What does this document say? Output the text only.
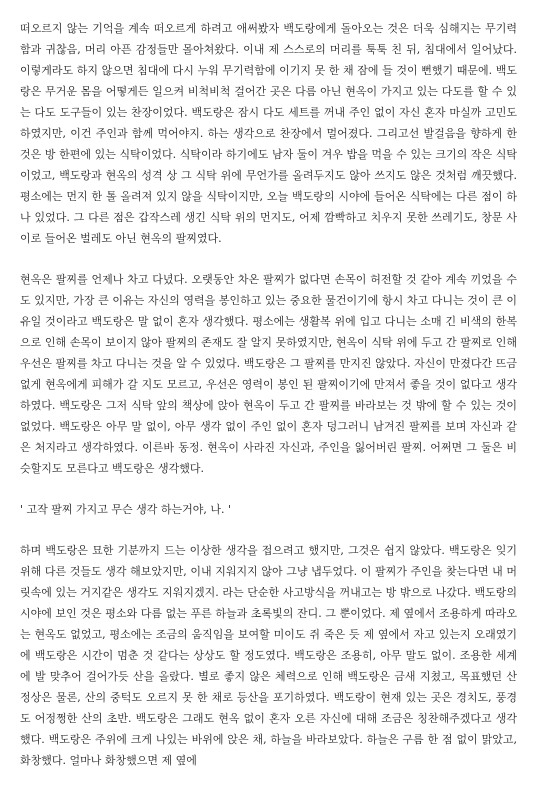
떠오르지 않는 기억을 계속 떠오르게 하려고 애써봤자 백도랑에게 돌아오는 것은 더욱 심해지는 무기력함과 귀찮음, 머리 아픈 감정들만 몰아쳐왔다. 이내 제 스스로의 머리를 툭툭 친 뒤, 침대에서 일어났다. 이렇게라도 하지 않으면 침대에 다시 누워 무기력함에 이기지 못 한 채 잠에 들 것이 뻔했기 때문에. 백도랑은 무거운 몸을 어떻게든 일으켜 비척비척 걸어간 곳은 다름 아닌 현옥이 가지고 있는 다도를 할 수 있는 다도 도구들이 있는 찬장이었다. 백도랑은 잠시 다도 세트를 꺼내 주인 없이 자신 혼자 마실까 고민도 하였지만, 이건 주인과 함께 먹어야지. 하는 생각으로 찬장에서 멀어졌다. 그리고선 발걸음을 향하게 한 것은 방 한편에 있는 식탁이었다. 식탁이라 하기에도 남자 둘이 겨우 밥을 먹을 수 있는 크기의 작은 식탁이었고, 백도랑과 현옥의 성격 상 그 식탁 위에 무언가를 올려두지도 않아 쓰지도 않은 것처럼 깨끗했다. 평소에는 먼지 한 톨 올려져 있지 않을 식탁이지만, 오늘 백도랑의 시야에 들어온 식탁에는 다른 점이 하나 있었다. 그 다른 점은 갑작스레 생긴 식탁 위의 먼지도, 어제 깜빡하고 치우지 못한 쓰레기도, 창문 사이로 들어온 벌레도 아닌 현옥의 팔찌였다.

현옥은 팔찌를 언제나 차고 다녔다. 오랫동안 차온 팔찌가 없다면 손목이 허전할 것 같아 계속 끼었을 수도 있지만, 가장 큰 이유는 자신의 영력을 봉인하고 있는 중요한 물건이기에 항시 차고 다니는 것이 큰 이유일 것이라고 백도랑은 말 없이 혼자 생각했다. 평소에는 생활복 위에 입고 다니는 소매 긴 비색의 한복으로 인해 손목이 보이지 않아 팔찌의 존재도 잘 알지 못하였지만, 현옥이 식탁 위에 두고 간 팔찌로 인해 우선은 팔찌를 차고 다니는 것을 알 수 있었다. 백도랑은 그 팔찌를 만지진 않았다. 자신이 만졌다간 뜨금없게 현옥에게 피해가 갈 지도 모르고, 우선은 영력이 봉인 된 팔찌이기에 만져서 좋을 것이 없다고 생각하였다. 백도랑은 그저 식탁 앞의 책상에 앉아 현옥이 두고 간 팔찌를 바라보는 것 밖에 할 수 있는 것이 없었다. 백도랑은 아무 말 없이, 아무 생각 없이 주인 없이 혼자 덩그러니 남겨진 팔찌를 보며 자신과 같은 처지라고 생각하였다. 이른바 동정. 현옥이 사라진 자신과, 주인을 잃어버린 팔찌. 어쩌면 그 둘은 비슷할지도 모른다고 백도랑은 생각했다.

' 고작 팔찌 가지고 무슨 생각 하는거야, 나. '

하며 백도랑은 묘한 기분까지 드는 이상한 생각을 접으려고 했지만, 그것은 쉽지 않았다. 백도랑은 잊기 위해 다른 것들도 생각 해보았지만, 이내 지워지지 않아 그냥 냅두었다. 이 팔찌가 주인을 찾는다면 내 머릿속에 있는 거지같은 생각도 지워지겠지. 라는 단순한 사고방식을 꺼내고는 방 밖으로 나갔다. 백도랑의 시야에 보인 것은 평소와 다름 없는 푸른 하늘과 초록빛의 잔디. 그 뿐이었다. 제 옆에서 조용하게 따라오는 현옥도 없었고, 평소에는 조금의 움직임을 보여할 미이도 쥐 죽은 듯 제 옆에서 자고 있는지 오래였기에 백도랑은 시간이 멈춘 것 같다는 상상도 할 정도였다. 백도랑은 조용히, 아무 말도 없이. 조용한 세계에 발 맞추어 걸어가듯 산을 올랐다. 별로 좋지 않은 체력으로 인해 백도랑은 금새 지쳤고, 목표했던 산 정상은 물론, 산의 중턱도 오르지 못 한 채로 등산을 포기하였다. 백도랑이 현재 있는 곳은 경치도, 풍경도 어정쩡한 산의 초반. 백도랑은 그래도 현옥 없이 혼자 오른 자신에 대해 조금은 칭찬해주겠다고 생각했다. 백도랑은 주위에 크게 나있는 바위에 앉은 채, 하늘을 바라보았다. 하늘은 구름 한 점 없이 맑았고, 화창했다. 얼마나 화창했으면 제 옆에
